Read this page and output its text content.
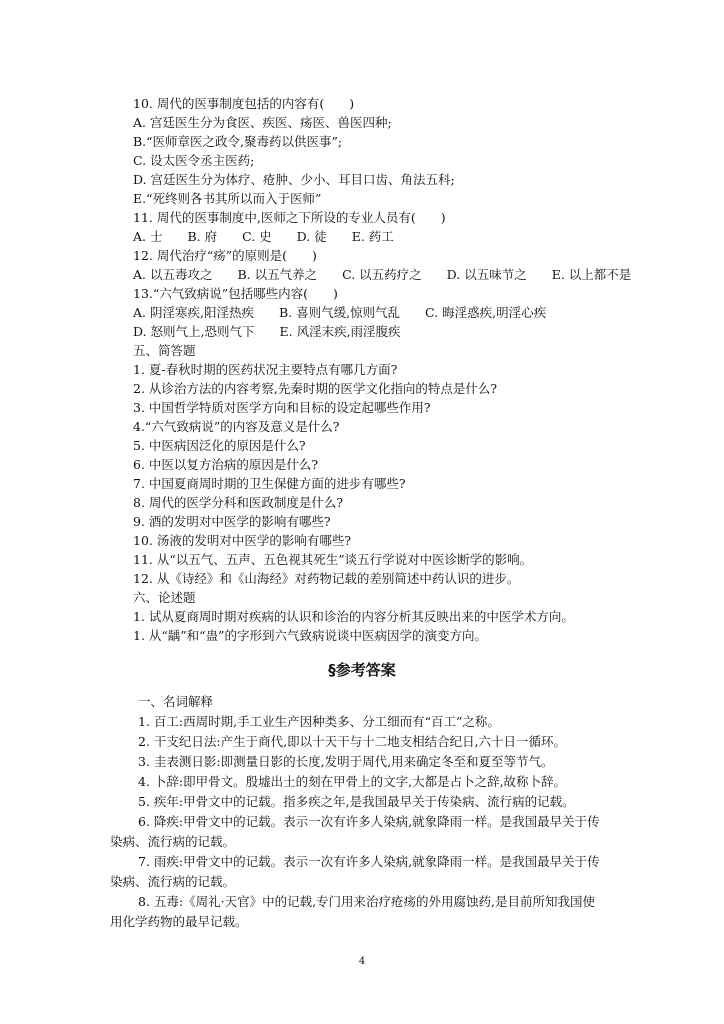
10. 周代的医事制度包括的内容有(　　)
A. 宫廷医生分为食医、疾医、疡医、兽医四种;
B.“医师章医之政令,聚毒药以供医事”;
C. 设太医令丞主医药;
D. 宫廷医生分为体疗、疮肿、少小、耳目口齿、角法五科;
E.“死终则各书其所以而入于医师”
11. 周代的医事制度中,医师之下所设的专业人员有(　　)
A. 士　　B. 府　　C. 史　　D. 徒　　E. 药工
12. 周代治疗“疡”的原则是(　　)
A. 以五毒攻之　　B. 以五气养之　　C. 以五药疗之　　D. 以五味节之　　E. 以上都不是
13.“六气致病说”包括哪些内容(　　)
A. 阴淫寒疾,阳淫热疾　　B. 喜则气缓,惊则气乱　　C. 晦淫惑疾,明淫心疾
D. 怒则气上,恐则气下　　E. 风淫末疾,雨淫腹疾
五、简答题
1. 夏-春秋时期的医药状况主要特点有哪几方面?
2. 从诊治方法的内容考察,先秦时期的医学文化指向的特点是什么?
3. 中国哲学特质对医学方向和目标的设定起哪些作用?
4.“六气致病说”的内容及意义是什么?
5. 中医病因泛化的原因是什么?
6. 中医以复方治病的原因是什么?
7. 中国夏商周时期的卫生保健方面的进步有哪些?
8. 周代的医学分科和医政制度是什么?
9. 酒的发明对中医学的影响有哪些?
10. 汤液的发明对中医学的影响有哪些?
11. 从“以五气、五声、五色视其死生”谈五行学说对中医诊断学的影响。
12. 从《诗经》和《山海经》对药物记载的差别简述中药认识的进步。
六、论述题
1. 试从夏商周时期对疾病的认识和诊治的内容分析其反映出来的中医学术方向。
1. 从“龋”和“蛊”的字形到六气致病说谈中医病因学的演变方向。
§参考答案
一、名词解释
1. 百工:西周时期,手工业生产因种类多、分工细而有“百工”之称。
2. 干支纪日法:产生于商代,即以十天干与十二地支相结合纪日,六十日一循环。
3. 圭表测日影:即测量日影的长度,发明于周代,用来确定冬至和夏至等节气。
4. 卜辞:即甲骨文。殷墟出土的刻在甲骨上的文字,大都是占卜之辞,故称卜辞。
5. 疾年:甲骨文中的记载。指多疾之年,是我国最早关于传染病、流行病的记载。
6. 降疾:甲骨文中的记载。表示一次有许多人染病,就象降雨一样。是我国最早关于传
染病、流行病的记载。
7. 雨疾:甲骨文中的记载。表示一次有许多人染病,就象降雨一样。是我国最早关于传
染病、流行病的记载。
8. 五毒:《周礼·天官》中的记载,专门用来治疗疮疡的外用腐蚀药,是目前所知我国使
用化学药物的最早记载。
4
